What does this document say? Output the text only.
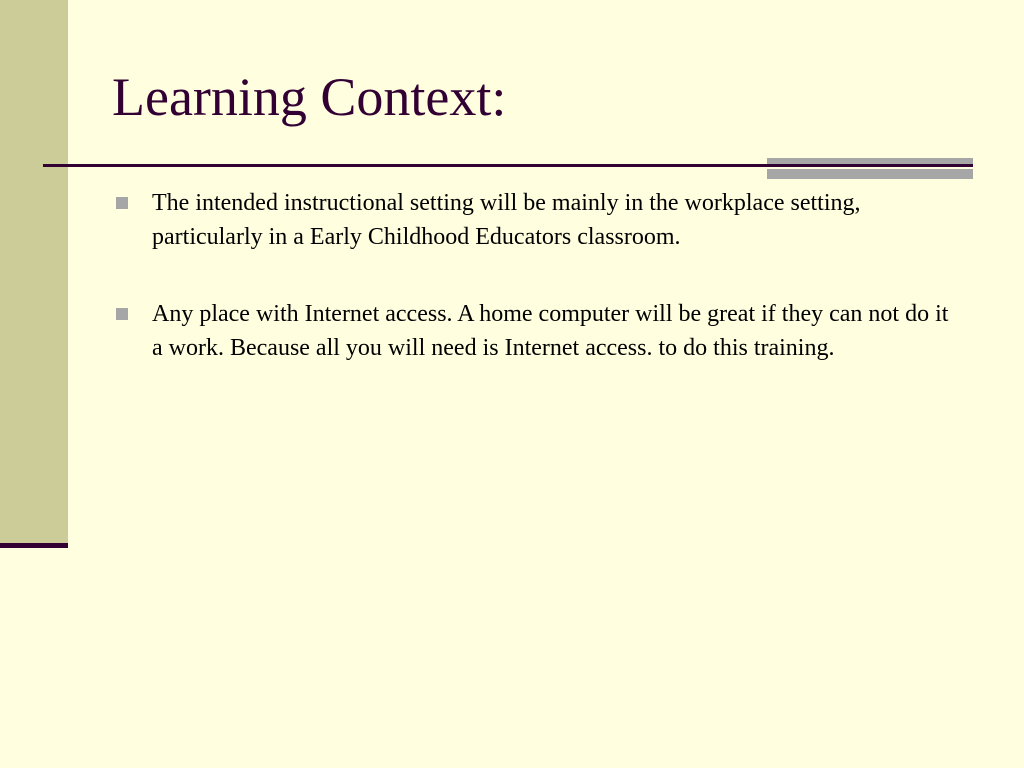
Learning Context:
The intended instructional setting will be mainly in the workplace setting, particularly in a Early Childhood Educators classroom.
Any place with Internet access. A home computer will be great if they can not do it a work. Because all you will need is Internet access. to do this training.
